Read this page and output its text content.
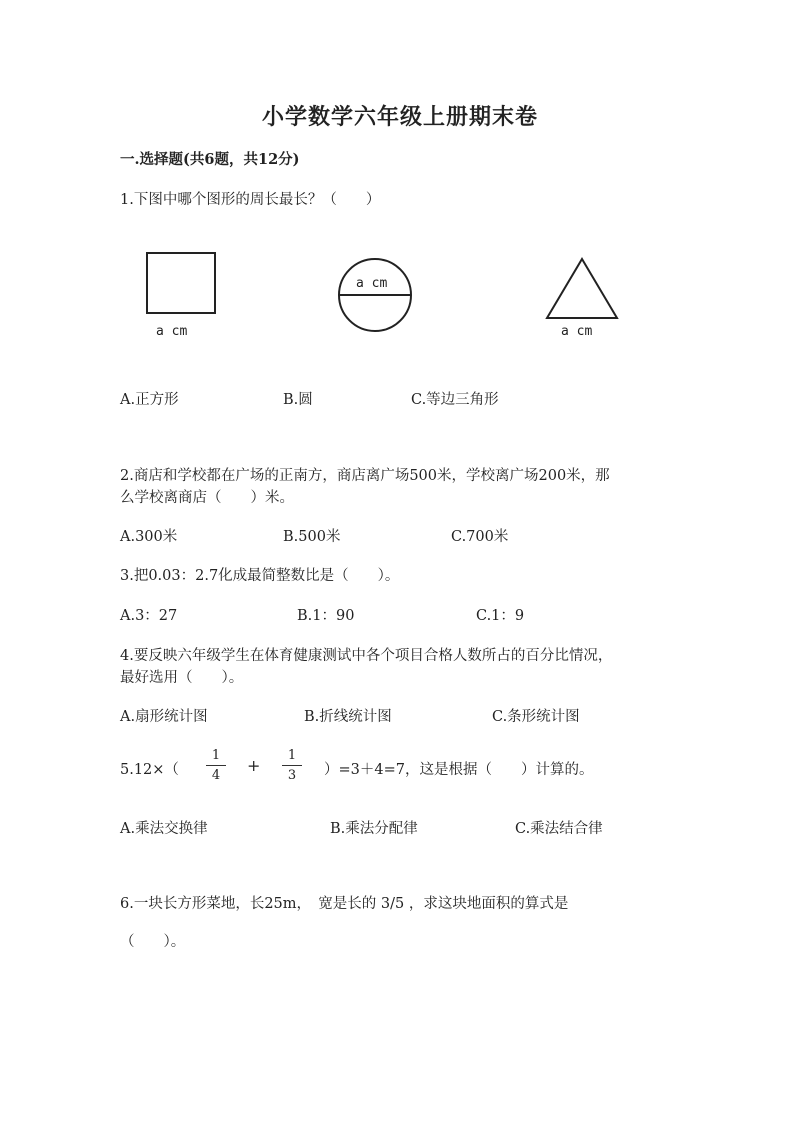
小学数学六年级上册期末卷
一.选择题(共6题，共12分)
1.下图中哪个图形的周长最长？（　　）
a cm
a cm
a cm
A.正方形	B.圆	C.等边三角形
2.商店和学校都在广场的正南方，商店离广场500米，学校离广场200米，那
么学校离商店（　　）米。
A.300米	B.500米	C.700米
3.把0.03：2.7化成最简整数比是（　　）。
A.3：27	B.1：90	C.1：9
4.要反映六年级学生在体育健康测试中各个项目合格人数所占的百分比情况，
最好选用（　　）。
A.扇形统计图	B.折线统计图	C.条形统计图
5.12×（
1
4
+
1
3	）=3＋4=7，这是根据（　　）计算的。
A.乘法交换律	B.乘法分配律	C.乘法结合律
6.一块长方形菜地，长25m，　宽是长的 3/5 ，求这块地面积的算式是
（　　）。
